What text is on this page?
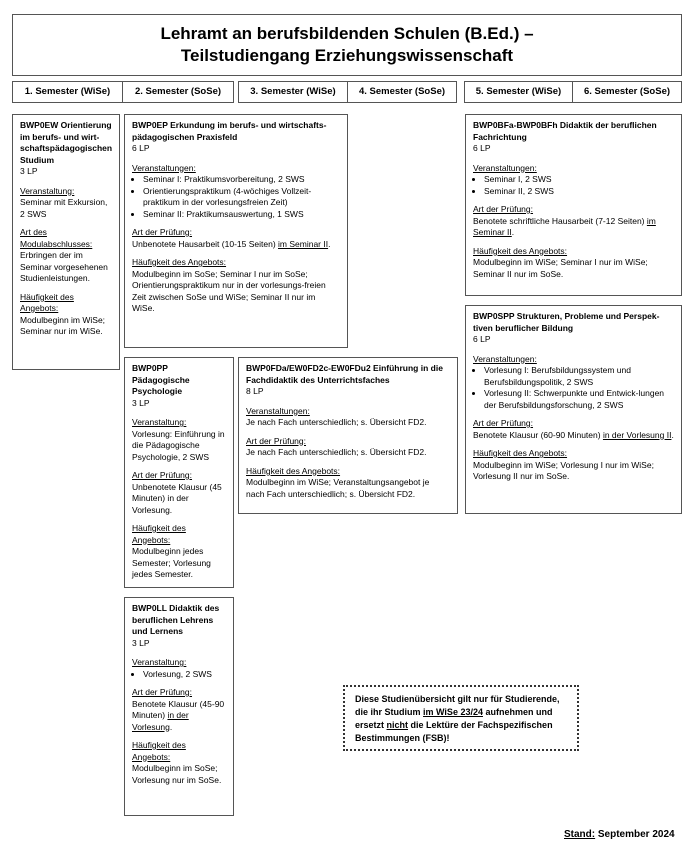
Lehramt an berufsbildenden Schulen (B.Ed.) –
Teilstudiengang Erziehungswissenschaft
1. Semester (WiSe)	2. Semester (SoSe)	3. Semester (WiSe)	4. Semester (SoSe)	5. Semester (WiSe)	6. Semester (SoSe)
BWP0EW Orientierung im berufs- und wirt-schaftspädagogischen Studium
3 LP
Veranstaltung:
Seminar mit Exkursion, 2 SWS
Art des Modulabschlusses:
Erbringen der im Seminar vorgesehenen Studienleistungen.
Häufigkeit des Angebots:
Modulbeginn im WiSe; Seminar nur im WiSe.
BWP0EP Erkundung im berufs- und wirtschafts-pädagogischen Praxisfeld
6 LP
Veranstaltungen:
• Seminar I: Praktikumsvorbereitung, 2 SWS
• Orientierungspraktikum (4-wöchiges Vollzeit-praktikum in der vorlesungsfreien Zeit)
• Seminar II: Praktikumsauswertung, 1 SWS
Art der Prüfung:
Unbenotete Hausarbeit (10-15 Seiten) im Seminar II.
Häufigkeit des Angebots:
Modulbeginn im SoSe; Seminar I nur im SoSe; Orientierungspraktikum nur in der vorlesungs-freien Zeit zwischen SoSe und WiSe; Seminar II nur im WiSe.
BWP0PP Pädagogische Psychologie
3 LP
Veranstaltung:
Vorlesung: Einführung in die Pädagogische Psychologie, 2 SWS
Art der Prüfung:
Unbenotete Klausur (45 Minuten) in der Vorlesung.
Häufigkeit des Angebots:
Modulbeginn jedes Semester; Vorlesung jedes Semester.
BWP0LL Didaktik des beruflichen Lehrens und Lernens
3 LP
Veranstaltung:
• Vorlesung, 2 SWS
Art der Prüfung:
Benotete Klausur (45-90 Minuten) in der Vorlesung.
Häufigkeit des Angebots:
Modulbeginn im SoSe; Vorlesung nur im SoSe.
BWP0FDa/EW0FD2c-EW0FDu2 Einführung in die Fachdidaktik des Unterrichtsfaches
8 LP
Veranstaltungen:
Je nach Fach unterschiedlich; s. Übersicht FD2.
Art der Prüfung:
Je nach Fach unterschiedlich; s. Übersicht FD2.
Häufigkeit des Angebots:
Modulbeginn im WiSe; Veranstaltungsangebot je nach Fach unterschiedlich; s. Übersicht FD2.
BWP0BFa-BWP0BFh Didaktik der beruflichen Fachrichtung
6 LP
Veranstaltungen:
• Seminar I, 2 SWS
• Seminar II, 2 SWS
Art der Prüfung:
Benotete schriftliche Hausarbeit (7-12 Seiten) im Seminar II.
Häufigkeit des Angebots:
Modulbeginn im WiSe; Seminar I nur im WiSe; Seminar II nur im SoSe.
BWP0SPP Strukturen, Probleme und Perspek-tiven beruflicher Bildung
6 LP
Veranstaltungen:
• Vorlesung I: Berufsbildungssystem und Berufsbildungspolitik, 2 SWS
• Vorlesung II: Schwerpunkte und Entwick-lungen der Berufsbildungsforschung, 2 SWS
Art der Prüfung:
Benotete Klausur (60-90 Minuten) in der Vorlesung II.
Häufigkeit des Angebots:
Modulbeginn im WiSe; Vorlesung I nur im WiSe; Vorlesung II nur im SoSe.
Diese Studienübersicht gilt nur für Studierende, die ihr Studium im WiSe 23/24 aufnehmen und ersetzt nicht die Lektüre der Fachspezifischen Bestimmungen (FSB)!
Stand: September 2024
